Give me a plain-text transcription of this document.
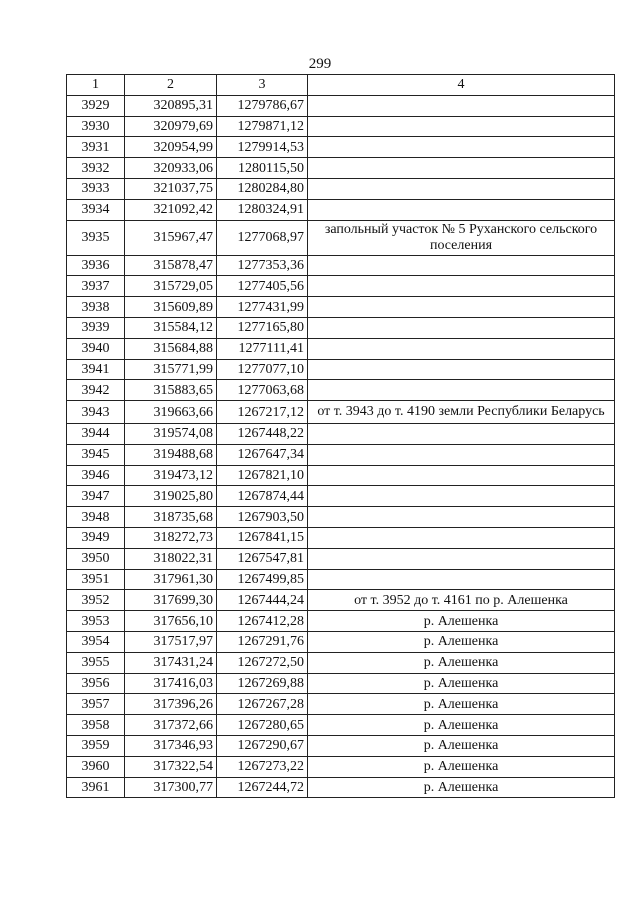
299
1	2	3	4
3929	320895,31	1279786,67	
3930	320979,69	1279871,12	
3931	320954,99	1279914,53	
3932	320933,06	1280115,50	
3933	321037,75	1280284,80	
3934	321092,42	1280324,91	
3935	315967,47	1277068,97	запольный участок № 5 Руханского сельского поселения
3936	315878,47	1277353,36	
3937	315729,05	1277405,56	
3938	315609,89	1277431,99	
3939	315584,12	1277165,80	
3940	315684,88	1277111,41	
3941	315771,99	1277077,10	
3942	315883,65	1277063,68	
3943	319663,66	1267217,12	от т. 3943 до т. 4190 земли Республики Беларусь
3944	319574,08	1267448,22	
3945	319488,68	1267647,34	
3946	319473,12	1267821,10	
3947	319025,80	1267874,44	
3948	318735,68	1267903,50	
3949	318272,73	1267841,15	
3950	318022,31	1267547,81	
3951	317961,30	1267499,85	
3952	317699,30	1267444,24	от т. 3952 до т. 4161 по р. Алешенка
3953	317656,10	1267412,28	р. Алешенка
3954	317517,97	1267291,76	р. Алешенка
3955	317431,24	1267272,50	р. Алешенка
3956	317416,03	1267269,88	р. Алешенка
3957	317396,26	1267267,28	р. Алешенка
3958	317372,66	1267280,65	р. Алешенка
3959	317346,93	1267290,67	р. Алешенка
3960	317322,54	1267273,22	р. Алешенка
3961	317300,77	1267244,72	р. Алешенка
